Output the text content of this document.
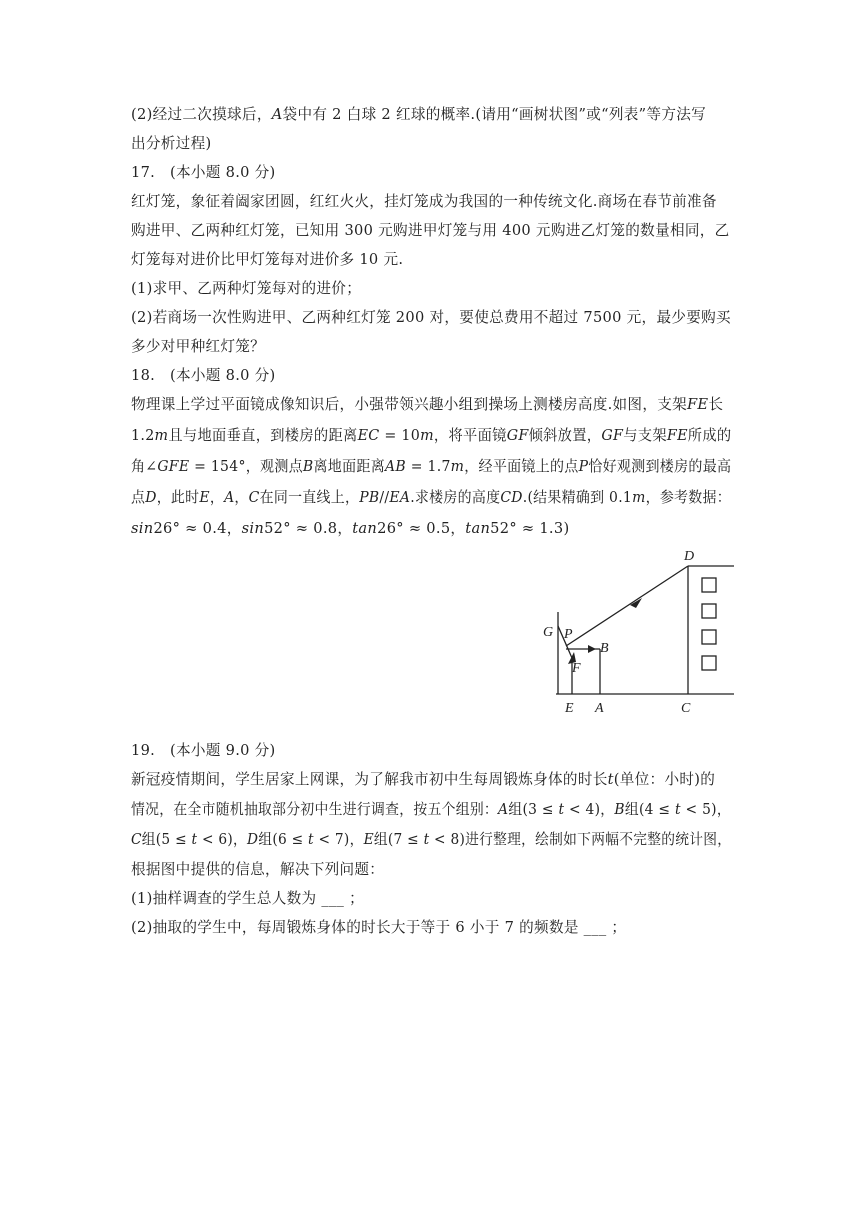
(2)经过二次摸球后，𝐴袋中有 2 白球 2 红球的概率.(请用“画树状图”或“列表”等方法写
出分析过程)
17.　(本小题 8.0 分)
红灯笼，象征着阖家团圆，红红火火，挂灯笼成为我国的一种传统文化.商场在春节前准备
购进甲、乙两种红灯笼，已知用 300 元购进甲灯笼与用 400 元购进乙灯笼的数量相同，乙
灯笼每对进价比甲灯笼每对进价多 10 元.
(1)求甲、乙两种灯笼每对的进价；
(2)若商场一次性购进甲、乙两种红灯笼 200 对，要使总费用不超过 7500 元，最少要购买
多少对甲种红灯笼？
18.　(本小题 8.0 分)
物理课上学过平面镜成像知识后，小强带领兴趣小组到操场上测楼房高度.如图，支架𝐹𝐸长
1.2𝑚且与地面垂直，到楼房的距离𝐸𝐶 = 10𝑚，将平面镜𝐺𝐹倾斜放置，𝐺𝐹与支架𝐹𝐸所成的
角∠𝐺𝐹𝐸 = 154°，观测点𝐵离地面距离𝐴𝐵 = 1.7𝑚，经平面镜上的点𝑃恰好观测到楼房的最高
点𝐷，此时𝐸，𝐴，𝐶在同一直线上，𝑃𝐵//𝐸𝐴.求楼房的高度𝐶𝐷.(结果精确到 0.1𝑚，参考数据：
𝑠𝑖𝑛26° ≈ 0.4，𝑠𝑖𝑛52° ≈ 0.8，𝑡𝑎𝑛26° ≈ 0.5，𝑡𝑎𝑛52° ≈ 1.3)
D
G P
B
F
E A	C
19.　(本小题 9.0 分)
新冠疫情期间，学生居家上网课，为了解我市初中生每周锻炼身体的时长𝑡(单位：小时)的
情况，在全市随机抽取部分初中生进行调查，按五个组别：𝐴组(3 ≤ 𝑡 < 4)，𝐵组(4 ≤ 𝑡 < 5)，
𝐶组(5 ≤ 𝑡 < 6)，𝐷组(6 ≤ 𝑡 < 7)，𝐸组(7 ≤ 𝑡 < 8)进行整理，绘制如下两幅不完整的统计图，
根据图中提供的信息，解决下列问题：
(1)抽样调查的学生总人数为 ___ ；
(2)抽取的学生中，每周锻炼身体的时长大于等于 6 小于 7 的频数是 ___ ；
